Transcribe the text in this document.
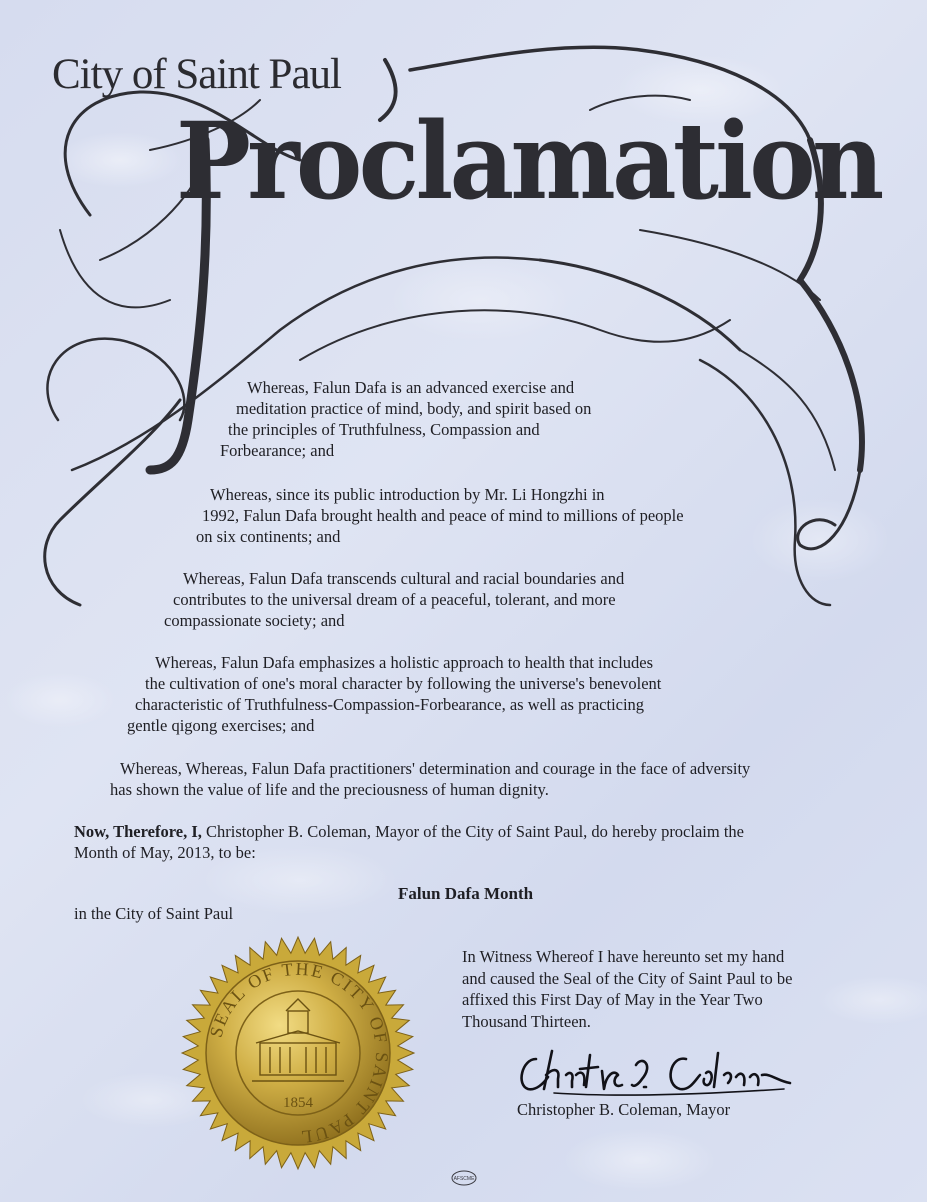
City of Saint Paul
Proclamation

Whereas, Falun Dafa is an advanced exercise and
meditation practice of mind, body, and spirit based on
the principles of Truthfulness, Compassion and
Forbearance; and

Whereas, since its public introduction by Mr. Li Hongzhi in
1992, Falun Dafa brought health and peace of mind to millions of people
on six continents; and

Whereas, Falun Dafa transcends cultural and racial boundaries and
contributes to the universal dream of a peaceful, tolerant, and more
compassionate society; and

Whereas, Falun Dafa emphasizes a holistic approach to health that includes
the cultivation of one's moral character by following the universe's benevolent
characteristic of Truthfulness-Compassion-Forbearance, as well as practicing
gentle qigong exercises; and

Whereas, Whereas, Falun Dafa practitioners' determination and courage in the face of adversity
has shown the value of life and the preciousness of human dignity.

Now, Therefore, I, Christopher B. Coleman, Mayor of the City of Saint Paul, do hereby proclaim the
Month of May, 2013, to be:

Falun Dafa Month
in the City of Saint Paul
SEAL OF THE CITY OF SAINT PAUL
1854
In Witness Whereof I have hereunto set my hand
and caused the Seal of the City of Saint Paul to be
affixed this First Day of May in the Year Two
Thousand Thirteen.
Christopher B. Coleman, Mayor
AFSCME
